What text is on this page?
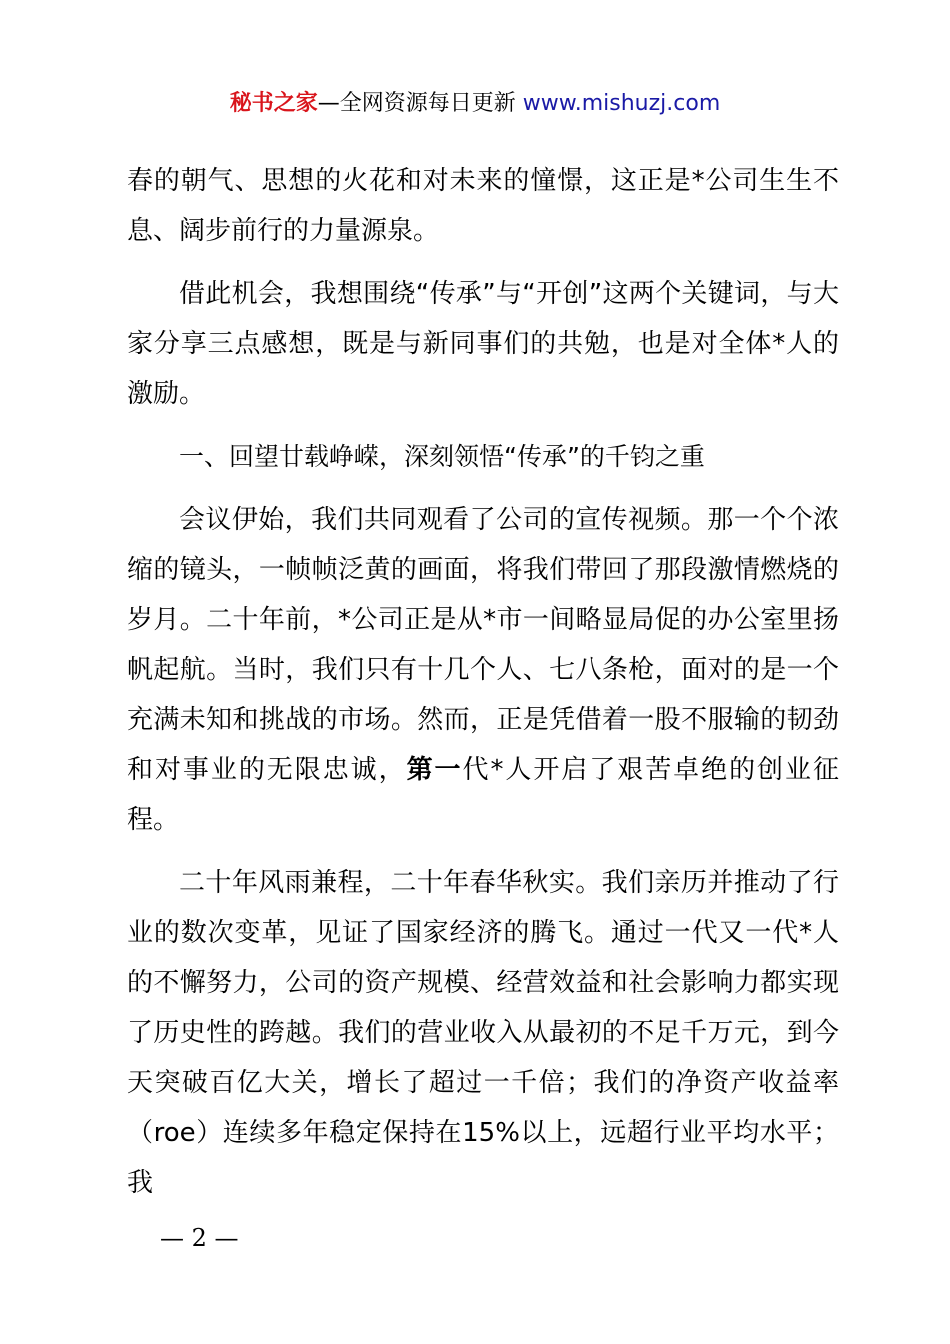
秘书之家—全网资源每日更新 www.mishuzj.com

春的朝气、思想的火花和对未来的憧憬，这正是*公司生生不息、阔步前行的力量源泉。

借此机会，我想围绕“传承”与“开创”这两个关键词，与大家分享三点感想，既是与新同事们的共勉，也是对全体*人的激励。

一、回望廿载峥嵘，深刻领悟“传承”的千钧之重

会议伊始，我们共同观看了公司的宣传视频。那一个个浓缩的镜头，一帧帧泛黄的画面，将我们带回了那段激情燃烧的岁月。二十年前，*公司正是从*市一间略显局促的办公室里扬帆起航。当时，我们只有十几个人、七八条枪，面对的是一个充满未知和挑战的市场。然而，正是凭借着一股不服输的韧劲和对事业的无限忠诚，第一代*人开启了艰苦卓绝的创业征程。

二十年风雨兼程，二十年春华秋实。我们亲历并推动了行业的数次变革，见证了国家经济的腾飞。通过一代又一代*人的不懈努力，公司的资产规模、经营效益和社会影响力都实现了历史性的跨越。我们的营业收入从最初的不足千万元，到今天突破百亿大关，增长了超过一千倍；我们的净资产收益率（roe）连续多年稳定保持在15%以上，远超行业平均水平；我

— 2 —
